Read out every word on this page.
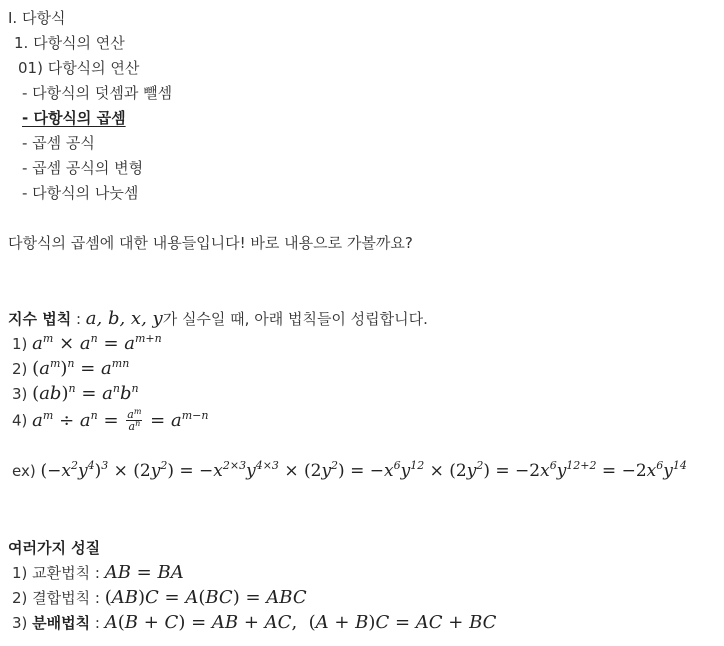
I. 다항식
1. 다항식의 연산
01) 다항식의 연산
- 다항식의 덧셈과 뺄셈
- 다항식의 곱셈
- 곱셈 공식
- 곱셈 공식의 변형
- 다항식의 나눗셈
다항식의 곱셈에 대한 내용들입니다! 바로 내용으로 가볼까요?
지수 법칙 : a, b, x, y가 실수일 때, 아래 법칙들이 성립합니다.
1) $a^m \times a^n = a^{m+n}$
2) $(a^m)^n = a^{mn}$
3) $(ab)^n = a^nb^n$
4) $a^m \div a^n = \frac{a^m}{a^n} = a^{m-n}$
ex) $(-x^2y^4)^3 \times (2y^2) = -x^{2\times 3}y^{4\times 3} \times (2y^2) = -x^6y^{12} \times (2y^2) = -2x^6y^{12+2} = -2x^6y^{14}$
여러가지 성질
1) 교환법칙 : AB = BA
2) 결합법칙 : (AB)C = A(BC) = ABC
3) 분배법칙 : A(B + C) = AB + AC,  (A + B)C = AC + BC
